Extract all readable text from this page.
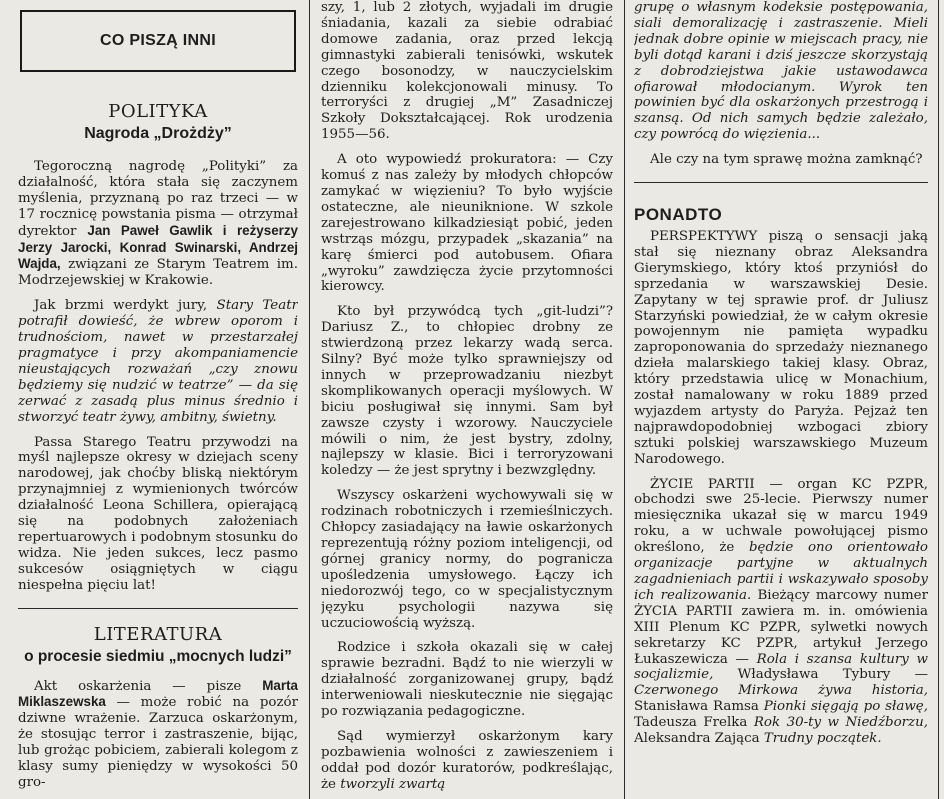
CO PISZĄ INNI
POLITYKA
Nagroda „Drożdży”

Tegoroczną nagrodę „Polityki” za działalność, która stała się zaczynem myślenia, przyznaną po raz trzeci — w 17 rocznicę powstania pisma — otrzymał dyrektor Jan Paweł Gawlik i reżyserzy Jerzy Jarocki, Konrad Swinarski, Andrzej Wajda, związani ze Starym Teatrem im. Modrzejewskiej w Krakowie.

Jak brzmi werdykt jury, Stary Teatr potrafił dowieść, że wbrew oporom i trudnościom, nawet w przestarzałej pragmatyce i przy akompaniamencie nieustających rozważań „czy znowu będziemy się nudzić w teatrze” — da się zerwać z zasadą plus minus średnio i stworzyć teatr żywy, ambitny, świetny.

Passa Starego Teatru przywodzi na myśl najlepsze okresy w dziejach sceny narodowej, jak choćby bliską niektórym przynajmniej z wymienionych twórców działalność Leona Schillera, opierającą się na podobnych założeniach repertuarowych i podobnym stosunku do widza. Nie jeden sukces, lecz pasmo sukcesów osiągniętych w ciągu niespełna pięciu lat!

LITERATURA
o procesie siedmiu „mocnych ludzi”

Akt oskarżenia — pisze Marta Miklaszewska — może robić na pozór dziwne wrażenie. Zarzuca oskarżonym, że stosując terror i zastraszenie, bijąc, lub grożąc pobiciem, zabierali kolegom z klasy sumy pieniędzy w wysokości 50 gro-

szy, 1, lub 2 złotych, wyjadali im drugie śniadania, kazali za siebie odrabiać domowe zadania, oraz przed lekcją gimnastyki zabierali tenisówki, wskutek czego bosonodzy, w nauczycielskim dzienniku kolekcjonowali minusy. To terroryści z drugiej „M” Zasadniczej Szkoły Dokształcającej. Rok urodzenia 1955—56.

A oto wypowiedź prokuratora: — Czy komuś z nas zależy by młodych chłopców zamykać w więzieniu? To było wyjście ostateczne, ale nieuniknione. W szkole zarejestrowano kilkadziesiąt pobić, jeden wstrząs mózgu, przypadek „skazania” na karę śmierci pod autobusem. Ofiara „wyroku” zawdzięcza życie przytomności kierowcy.

Kto był przywódcą tych „git-ludzi”? Dariusz Z., to chłopiec drobny ze stwierdzoną przez lekarzy wadą serca. Silny? Być może tylko sprawniejszy od innych w przeprowadzaniu niezbyt skomplikowanych operacji myślowych. W biciu posługiwał się innymi. Sam był zawsze czysty i wzorowy. Nauczyciele mówili o nim, że jest bystry, zdolny, najlepszy w klasie. Bici i terroryzowani koledzy — że jest sprytny i bezwzględny.

Wszyscy oskarżeni wychowywali się w rodzinach robotniczych i rzemieślniczych. Chłopcy zasiadający na ławie oskarżonych reprezentują różny poziom inteligencji, od górnej granicy normy, do pogranicza upośledzenia umysłowego. Łączy ich niedorozwój tego, co w specjalistycznym języku psychologii nazywa się uczuciowością wyższą.

Rodzice i szkoła okazali się w całej sprawie bezradni. Bądź to nie wierzyli w działalność zorganizowanej grupy, bądź interweniowali nieskutecznie nie sięgając po rozwiązania pedagogiczne.

Sąd wymierzył oskarżonym kary pozbawienia wolności z zawieszeniem i oddał pod dozór kuratorów, podkreślając, że tworzyli zwartą

grupę o własnym kodeksie postępowania, siali demoralizację i zastraszenie. Mieli jednak dobre opinie w miejscach pracy, nie byli dotąd karani i dziś jeszcze skorzystają z dobrodziejstwa jakie ustawodawca ofiarował młodocianym. Wyrok ten powinien być dla oskarżonych przestrogą i szansą. Od nich samych będzie zależało, czy powrócą do więzienia...

Ale czy na tym sprawę można zamknąć?

PONADTO

PERSPEKTYWY piszą o sensacji jaką stał się nieznany obraz Aleksandra Gierymskiego, który ktoś przyniósł do sprzedania w warszawskiej Desie. Zapytany w tej sprawie prof. dr Juliusz Starzyński powiedział, że w całym okresie powojennym nie pamięta wypadku zaproponowania do sprzedaży nieznanego dzieła malarskiego takiej klasy. Obraz, który przedstawia ulicę w Monachium, został namalowany w roku 1889 przed wyjazdem artysty do Paryża. Pejzaż ten najprawdopodobniej wzbogaci zbiory sztuki polskiej warszawskiego Muzeum Narodowego.

ŻYCIE PARTII — organ KC PZPR, obchodzi swe 25-lecie. Pierwszy numer miesięcznika ukazał się w marcu 1949 roku, a w uchwale powołującej pismo określono, że będzie ono orientowało organizacje partyjne w aktualnych zagadnieniach partii i wskazywało sposoby ich realizowania. Bieżący marcowy numer ŻYCIA PARTII zawiera m. in. omówienia XIII Plenum KC PZPR, sylwetki nowych sekretarzy KC PZPR, artykuł Jerzego Łukaszewicza — Rola i szansa kultury w socjalizmie, Władysława Tybury — Czerwonego Mirkowa żywa historia, Stanisława Ramsa Pionki sięgają po sławę, Tadeusza Frelka Rok 30-ty w Niedźborzu, Aleksandra Zająca Trudny początek.
